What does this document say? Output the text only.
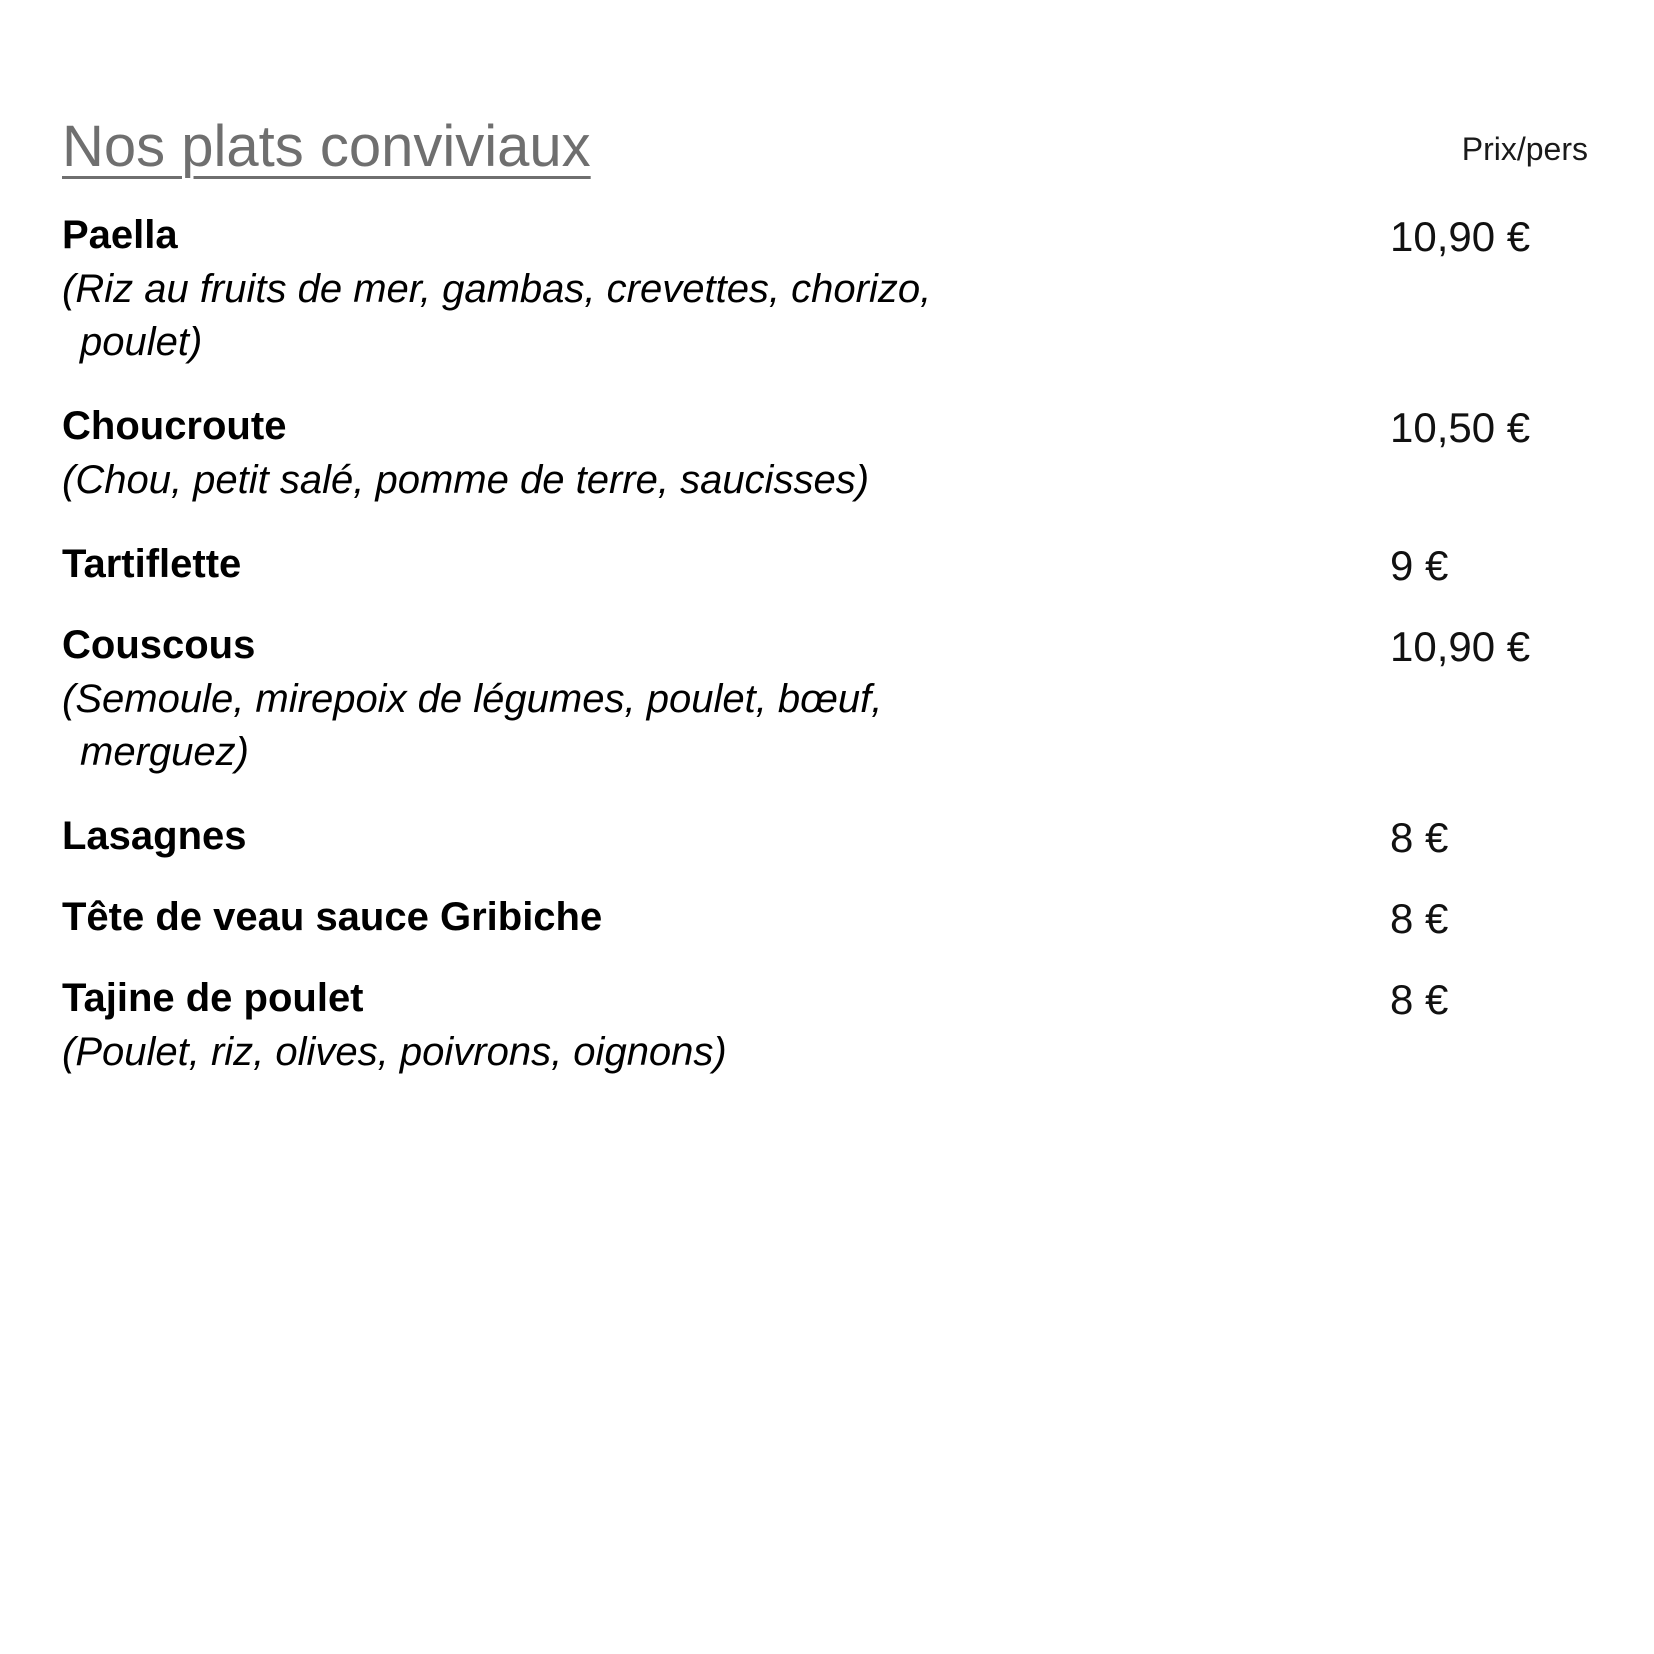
Nos plats conviviaux	Prix/pers
Paella	10,90 €
(Riz au fruits de mer, gambas, crevettes, chorizo,
poulet)
Choucroute	10,50 €
(Chou, petit salé, pomme de terre, saucisses)
Tartiflette	9 €
Couscous	10,90 €
(Semoule, mirepoix de légumes, poulet, bœuf,
merguez)
Lasagnes	8 €
Tête de veau sauce Gribiche	8 €
Tajine de poulet	8 €
(Poulet, riz, olives, poivrons, oignons)
